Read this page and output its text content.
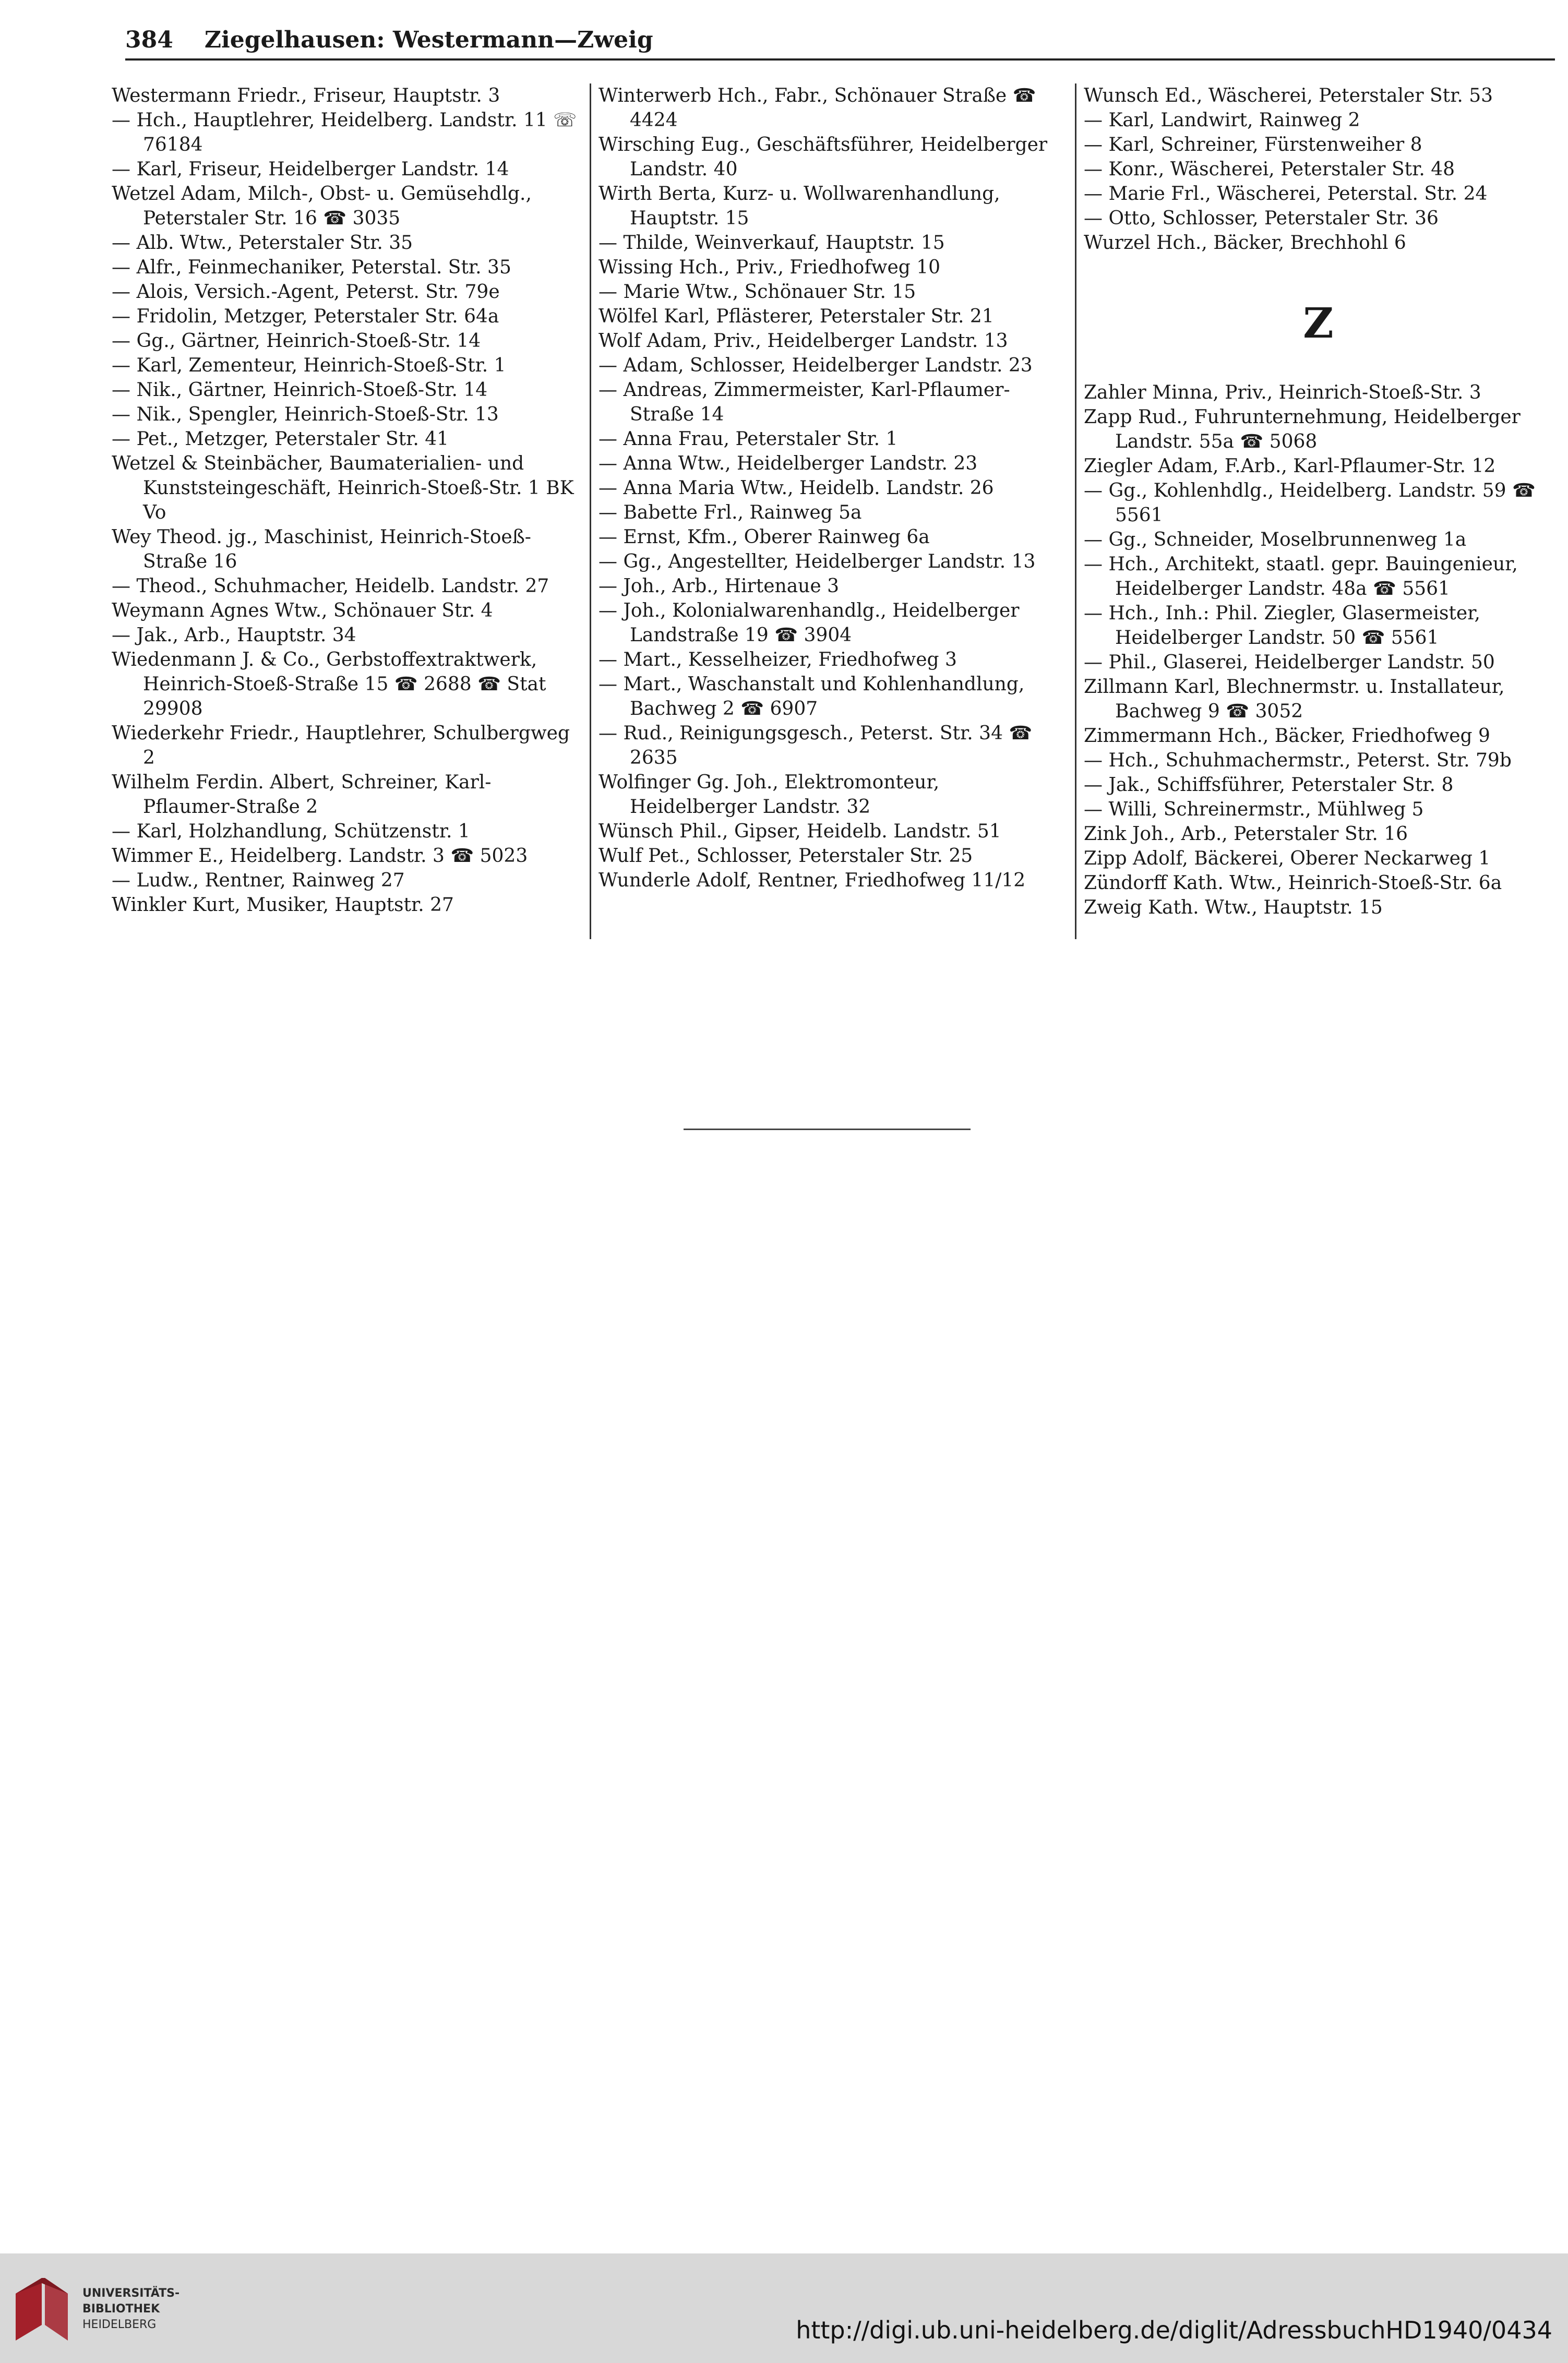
384 Ziegelhausen: Westermann—Zweig

Westermann Friedr., Friseur, Hauptstr. 3

— Hch., Hauptlehrer, Heidelberg. Landstr. 11 ☏ 76184

— Karl, Friseur, Heidelberger Landstr. 14

Wetzel Adam, Milch-, Obst- u. Gemüsehdlg., Peterstaler Str. 16 ☎ 3035

— Alb. Wtw., Peterstaler Str. 35

— Alfr., Feinmechaniker, Peterstal. Str. 35

— Alois, Versich.-Agent, Peterst. Str. 79e

— Fridolin, Metzger, Peterstaler Str. 64a

— Gg., Gärtner, Heinrich-Stoeß-Str. 14

— Karl, Zementeur, Heinrich-Stoeß-Str. 1

— Nik., Gärtner, Heinrich-Stoeß-Str. 14

— Nik., Spengler, Heinrich-Stoeß-Str. 13

— Pet., Metzger, Peterstaler Str. 41

Wetzel & Steinbächer, Baumaterialien- und Kunststeingeschäft, Heinrich-Stoeß-Str. 1 BK Vo

Wey Theod. jg., Maschinist, Heinrich-Stoeß-Straße 16

— Theod., Schuhmacher, Heidelb. Landstr. 27

Weymann Agnes Wtw., Schönauer Str. 4

— Jak., Arb., Hauptstr. 34

Wiedenmann J. & Co., Gerbstoffextraktwerk, Heinrich-Stoeß-Straße 15 ☎ 2688 ☎ Stat 29908

Wiederkehr Friedr., Hauptlehrer, Schulbergweg 2

Wilhelm Ferdin. Albert, Schreiner, Karl-Pflaumer-Straße 2

— Karl, Holzhandlung, Schützenstr. 1

Wimmer E., Heidelberg. Landstr. 3 ☎ 5023

— Ludw., Rentner, Rainweg 27

Winkler Kurt, Musiker, Hauptstr. 27

Winterwerb Hch., Fabr., Schönauer Straße ☎ 4424

Wirsching Eug., Geschäftsführer, Heidelberger Landstr. 40

Wirth Berta, Kurz- u. Wollwarenhandlung, Hauptstr. 15

— Thilde, Weinverkauf, Hauptstr. 15

Wissing Hch., Priv., Friedhofweg 10

— Marie Wtw., Schönauer Str. 15

Wölfel Karl, Pflästerer, Peterstaler Str. 21

Wolf Adam, Priv., Heidelberger Landstr. 13

— Adam, Schlosser, Heidelberger Landstr. 23

— Andreas, Zimmermeister, Karl-Pflaumer-Straße 14

— Anna Frau, Peterstaler Str. 1

— Anna Wtw., Heidelberger Landstr. 23

— Anna Maria Wtw., Heidelb. Landstr. 26

— Babette Frl., Rainweg 5a

— Ernst, Kfm., Oberer Rainweg 6a

— Gg., Angestellter, Heidelberger Landstr. 13

— Joh., Arb., Hirtenaue 3

— Joh., Kolonialwarenhandlg., Heidelberger Landstraße 19 ☎ 3904

— Mart., Kesselheizer, Friedhofweg 3

— Mart., Waschanstalt und Kohlenhandlung, Bachweg 2 ☎ 6907

— Rud., Reinigungsgesch., Peterst. Str. 34 ☎ 2635

Wolfinger Gg. Joh., Elektromonteur, Heidelberger Landstr. 32

Wünsch Phil., Gipser, Heidelb. Landstr. 51

Wulf Pet., Schlosser, Peterstaler Str. 25

Wunderle Adolf, Rentner, Friedhofweg 11/12

Wunsch Ed., Wäscherei, Peterstaler Str. 53

— Karl, Landwirt, Rainweg 2

— Karl, Schreiner, Fürstenweiher 8

— Konr., Wäscherei, Peterstaler Str. 48

— Marie Frl., Wäscherei, Peterstal. Str. 24

— Otto, Schlosser, Peterstaler Str. 36

Wurzel Hch., Bäcker, Brechhohl 6

Z

Zahler Minna, Priv., Heinrich-Stoeß-Str. 3

Zapp Rud., Fuhrunternehmung, Heidelberger Landstr. 55a ☎ 5068

Ziegler Adam, F.Arb., Karl-Pflaumer-Str. 12

— Gg., Kohlenhdlg., Heidelberg. Landstr. 59 ☎ 5561

— Gg., Schneider, Moselbrunnenweg 1a

— Hch., Architekt, staatl. gepr. Bauingenieur, Heidelberger Landstr. 48a ☎ 5561

— Hch., Inh.: Phil. Ziegler, Glasermeister, Heidelberger Landstr. 50 ☎ 5561

— Phil., Glaserei, Heidelberger Landstr. 50

Zillmann Karl, Blechnermstr. u. Installateur, Bachweg 9 ☎ 3052

Zimmermann Hch., Bäcker, Friedhofweg 9

— Hch., Schuhmachermstr., Peterst. Str. 79b

— Jak., Schiffsführer, Peterstaler Str. 8

— Willi, Schreinermstr., Mühlweg 5

Zink Joh., Arb., Peterstaler Str. 16

Zipp Adolf, Bäckerei, Oberer Neckarweg 1

Zündorff Kath. Wtw., Heinrich-Stoeß-Str. 6a

Zweig Kath. Wtw., Hauptstr. 15

UNIVERSITÄTS-
BIBLIOTHEK
HEIDELBERG	http://digi.ub.uni-heidelberg.de/diglit/AdressbuchHD1940/0434
